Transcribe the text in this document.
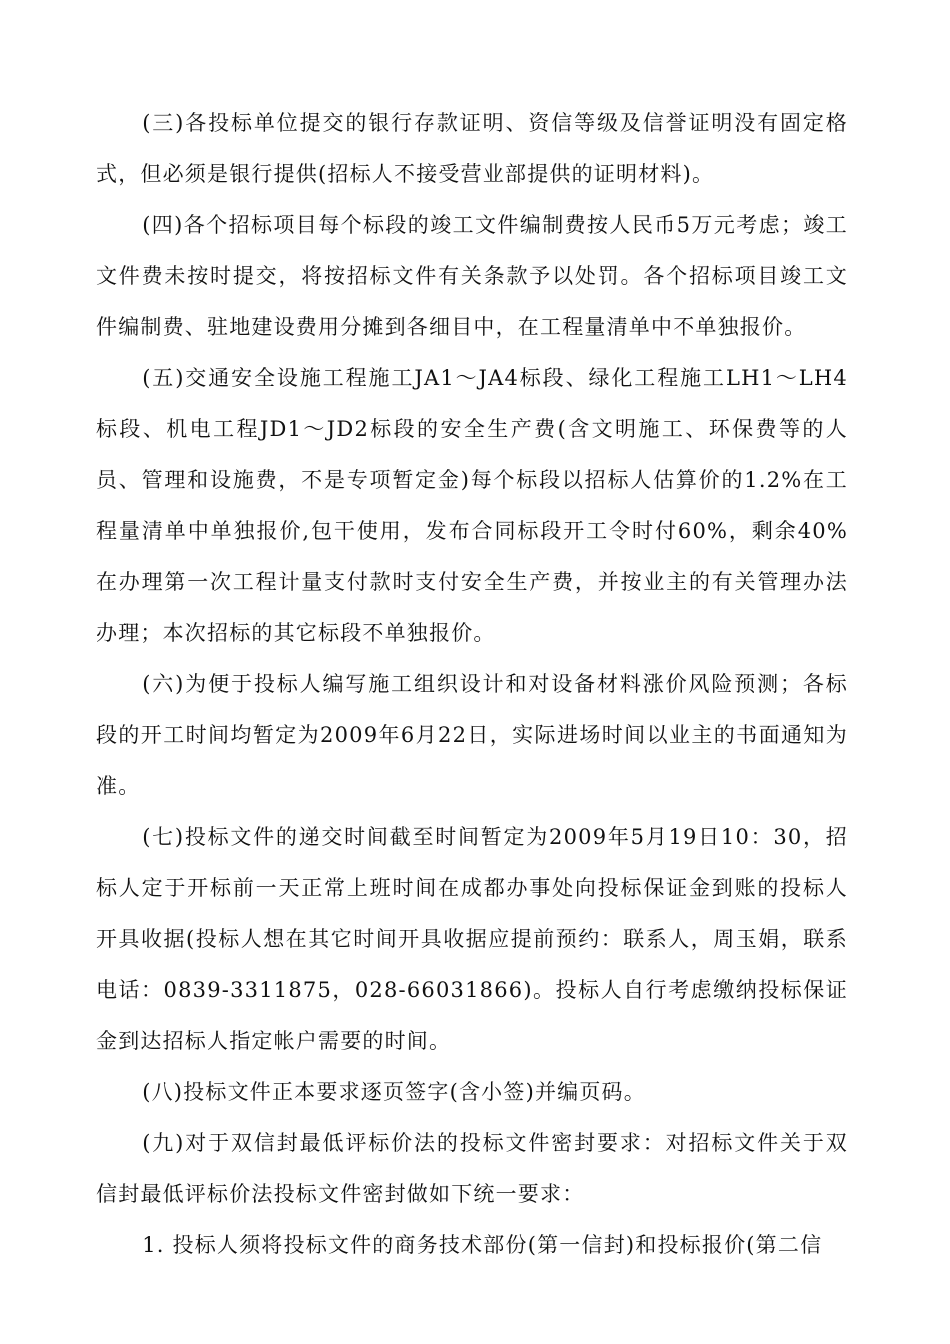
(三)各投标单位提交的银行存款证明、资信等级及信誉证明没有固定格式，但必须是银行提供(招标人不接受营业部提供的证明材料)。

(四)各个招标项目每个标段的竣工文件编制费按人民币5万元考虑；竣工文件费未按时提交，将按招标文件有关条款予以处罚。各个招标项目竣工文件编制费、驻地建设费用分摊到各细目中，在工程量清单中不单独报价。

(五)交通安全设施工程施工JA1～JA4标段、绿化工程施工LH1～LH4标段、机电工程JD1～JD2标段的安全生产费(含文明施工、环保费等的人员、管理和设施费，不是专项暂定金)每个标段以招标人估算价的1.2%在工程量清单中单独报价,包干使用，发布合同标段开工令时付60%，剩余40%在办理第一次工程计量支付款时支付安全生产费，并按业主的有关管理办法办理；本次招标的其它标段不单独报价。

(六)为便于投标人编写施工组织设计和对设备材料涨价风险预测；各标段的开工时间均暂定为2009年6月22日，实际进场时间以业主的书面通知为准。

(七)投标文件的递交时间截至时间暂定为2009年5月19日10：30，招标人定于开标前一天正常上班时间在成都办事处向投标保证金到账的投标人开具收据(投标人想在其它时间开具收据应提前预约：联系人，周玉娟，联系电话：0839-3311875，028-66031866)。投标人自行考虑缴纳投标保证金到达招标人指定帐户需要的时间。

(八)投标文件正本要求逐页签字(含小签)并编页码。

(九)对于双信封最低评标价法的投标文件密封要求：对招标文件关于双信封最低评标价法投标文件密封做如下统一要求：

1. 投标人须将投标文件的商务技术部份(第一信封)和投标报价(第二信
